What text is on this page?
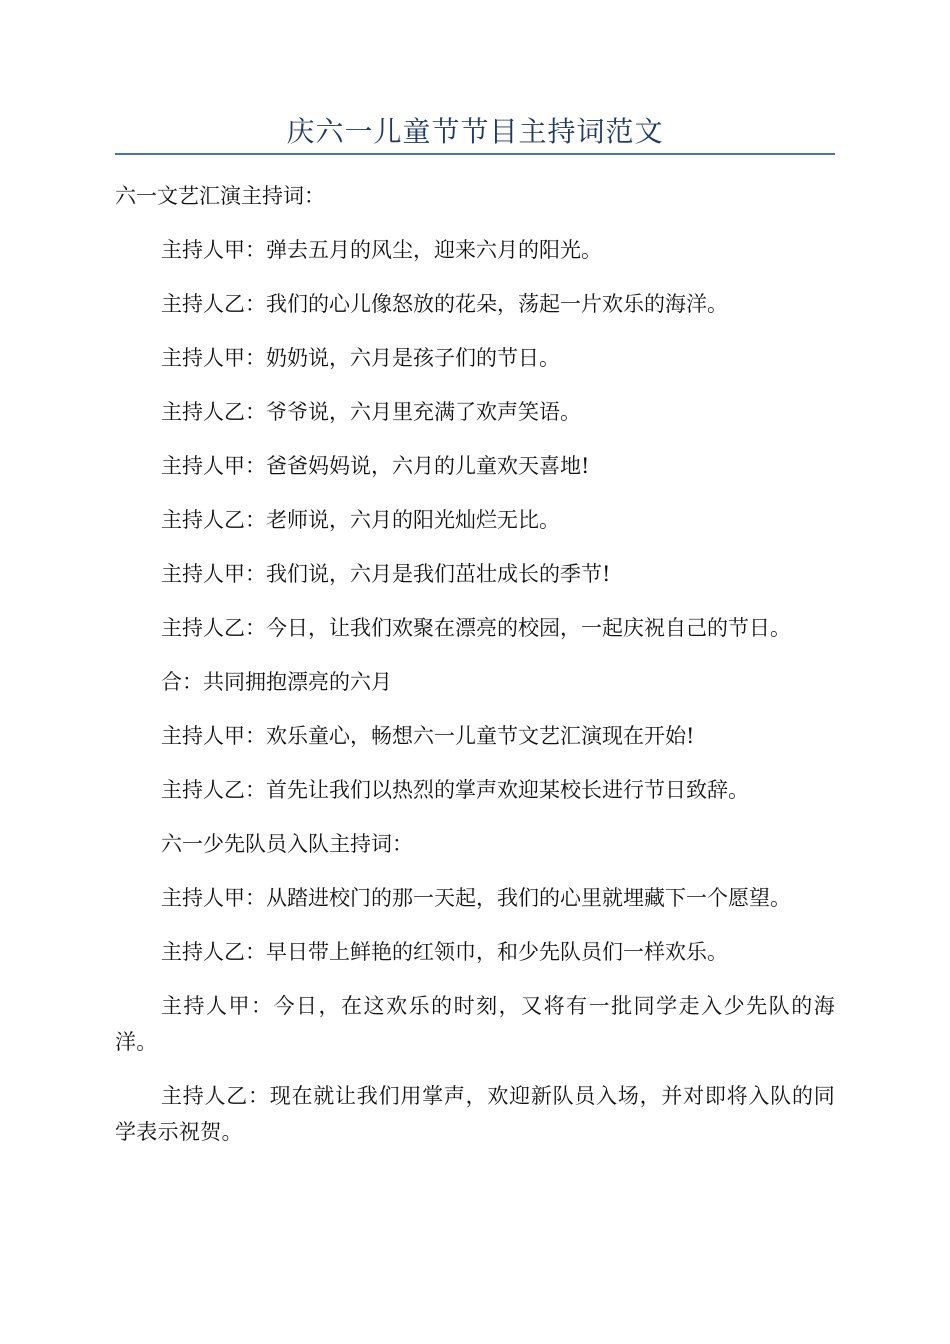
庆六一儿童节节目主持词范文

六一文艺汇演主持词：

主持人甲：弹去五月的风尘，迎来六月的阳光。

主持人乙：我们的心儿像怒放的花朵，荡起一片欢乐的海洋。

主持人甲：奶奶说，六月是孩子们的节日。

主持人乙：爷爷说，六月里充满了欢声笑语。

主持人甲：爸爸妈妈说，六月的儿童欢天喜地!

主持人乙：老师说，六月的阳光灿烂无比。

主持人甲：我们说，六月是我们茁壮成长的季节!

主持人乙：今日，让我们欢聚在漂亮的校园，一起庆祝自己的节日。

合：共同拥抱漂亮的六月

主持人甲：欢乐童心，畅想六一儿童节文艺汇演现在开始!

主持人乙：首先让我们以热烈的掌声欢迎某校长进行节日致辞。

六一少先队员入队主持词：

主持人甲：从踏进校门的那一天起，我们的心里就埋藏下一个愿望。

主持人乙：早日带上鲜艳的红领巾，和少先队员们一样欢乐。

主持人甲：今日，在这欢乐的时刻，又将有一批同学走入少先队的海洋。

主持人乙：现在就让我们用掌声，欢迎新队员入场，并对即将入队的同学表示祝贺。
